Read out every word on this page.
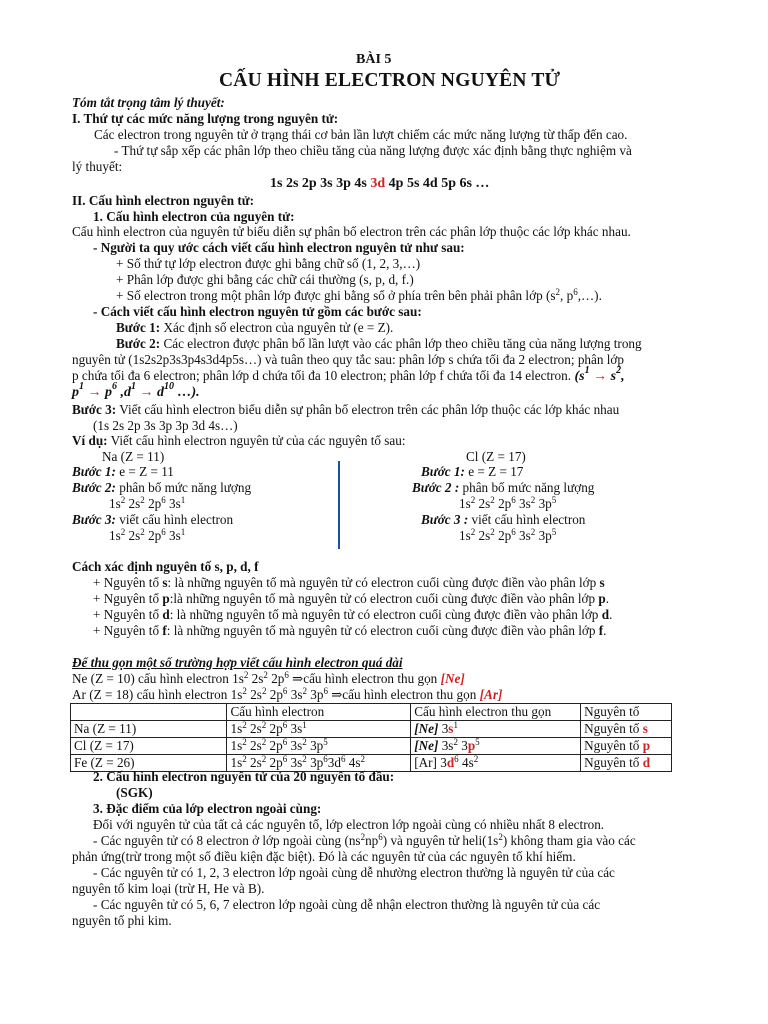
BÀI 5
CẤU HÌNH ELECTRON NGUYÊN TỬ
Tóm tắt trọng tâm lý thuyết:
I. Thứ tự các mức năng lượng trong nguyên tử:
Các electron trong nguyên tử ở trạng thái cơ bản lần lượt chiếm các mức năng lượng từ thấp đến cao.
- Thứ tự sắp xếp các phân lớp theo chiều tăng của năng lượng được xác định bằng thực nghiệm và
lý thuyết:
1s 2s 2p 3s 3p 4s 3d 4p 5s 4d 5p 6s …
II. Cấu hình electron nguyên tử:
1. Cấu hình electron của nguyên tử:
Cấu hình electron của nguyên tử biểu diễn sự phân bố electron trên các phân lớp thuộc các lớp khác nhau.
- Người ta quy ước cách viết cấu hình electron nguyên tử như sau:
+ Số thứ tự lớp electron được ghi bằng chữ số (1, 2, 3,…)
+ Phân lớp được ghi bằng các chữ cái thường (s, p, d, f.)
+ Số electron trong một phân lớp được ghi bằng số ở phía trên bên phải phân lớp ($s^2$, $p^6,\dots$).
- Cách viết cấu hình electron nguyên tử gồm các bước sau:
Bước 1: Xác định số electron của nguyên tử (e = Z).
Bước 2: Các electron được phân bố lần lượt vào các phân lớp theo chiều tăng của năng lượng trong
nguyên tử (1s2s2p3s3p4s3d4p5s…) và tuân theo quy tắc sau: phân lớp s chứa tối đa 2 electron; phân lớp
p chứa tối đa 6 electron; phân lớp d chứa tối đa 10 electron; phân lớp f chứa tối đa 14 electron. ($s^1 \to s^2$,
$p^1 \to p^6$ $,d^1 \to d^{10}$ …).
Bước 3: Viết cấu hình electron biểu diễn sự phân bố electron trên các phân lớp thuộc các lớp khác nhau
(1s 2s 2p 3s 3p 3p 3d 4s…)
Ví dụ: Viết cấu hình electron nguyên tử của các nguyên tố sau:
Na (Z = 11)
Bước 1: e = Z = 11
Bước 2: phân bố mức năng lượng
$1s^2$ $2s^2$ $2p^6$ $3s^1$
Bước 3: viết cấu hình electron
$1s^2$ $2s^2$ $2p^6$ $3s^1$
Cl (Z = 17)
Bước 1: e = Z = 17
Bước 2 : phân bố mức năng lượng
$1s^2$ $2s^2$ $2p^6$ $3s^2$ $3p^5$
Bước 3 : viết cấu hình electron
$1s^2$ $2s^2$ $2p^6$ $3s^2$ $3p^5$
Cách xác định nguyên tố s, p, d, f
+ Nguyên tố s: là những nguyên tố mà nguyên tử có electron cuối cùng được điền vào phân lớp s
+ Nguyên tố p:là những nguyên tố mà nguyên tử có electron cuối cùng được điền vào phân lớp p.
+ Nguyên tố d: là những nguyên tố mà nguyên tử có electron cuối cùng được điền vào phân lớp d.
+ Nguyên tố f: là những nguyên tố mà nguyên tử có electron cuối cùng được điền vào phân lớp f.
Để thu gọn một số trường hợp viết cấu hình electron quá dài
Ne (Z = 10) cấu hình electron $1s^2$ $2s^2$ $2p^6$ ⇒cấu hình electron thu gọn [Ne]
Ar (Z = 18) cấu hình electron $1s^2$ $2s^2$ $2p^6$ $3s^2$ $3p^6$ ⇒cấu hình electron thu gọn [Ar]
	Cấu hình electron	Cấu hình electron thu gọn	Nguyên tố
Na (Z = 11)	$1s^2$ $2s^2$ $2p^6$ $3s^1$	[Ne] $3s^1$	Nguyên tố s
Cl (Z = 17)	$1s^2$ $2s^2$ $2p^6$ $3s^2$ $3p^5$	[Ne] $3s^2$ $3p^5$	Nguyên tố p
Fe (Z = 26)	$1s^2$ $2s^2$ $2p^6$ $3s^2$ $3p^63d^6$ $4s^2$	[Ar] $3d^6$ $4s^2$	Nguyên tố d
2. Cấu hình electron nguyên tử của 20 nguyên tố đầu:
(SGK)
3. Đặc điểm của lớp electron ngoài cùng:
Đối với nguyên tử của tất cả các nguyên tố, lớp electron lớp ngoài cùng có nhiều nhất 8 electron.
- Các nguyên tử có 8 electron ở lớp ngoài cùng $(ns^2np^6)$ và nguyên tử $heli(1s^2)$ không tham gia vào các
phản ứng(trừ trong một số điều kiện đặc biệt). Đó là các nguyên tử của các nguyên tố khí hiếm.
- Các nguyên tử có 1, 2, 3 electron lớp ngoài cùng dễ nhường electron thường là nguyên tử của các
nguyên tố kim loại (trừ H, He và B).
- Các nguyên tử có 5, 6, 7 electron lớp ngoài cùng dễ nhận electron thường là nguyên tử của các
nguyên tố phi kim.
